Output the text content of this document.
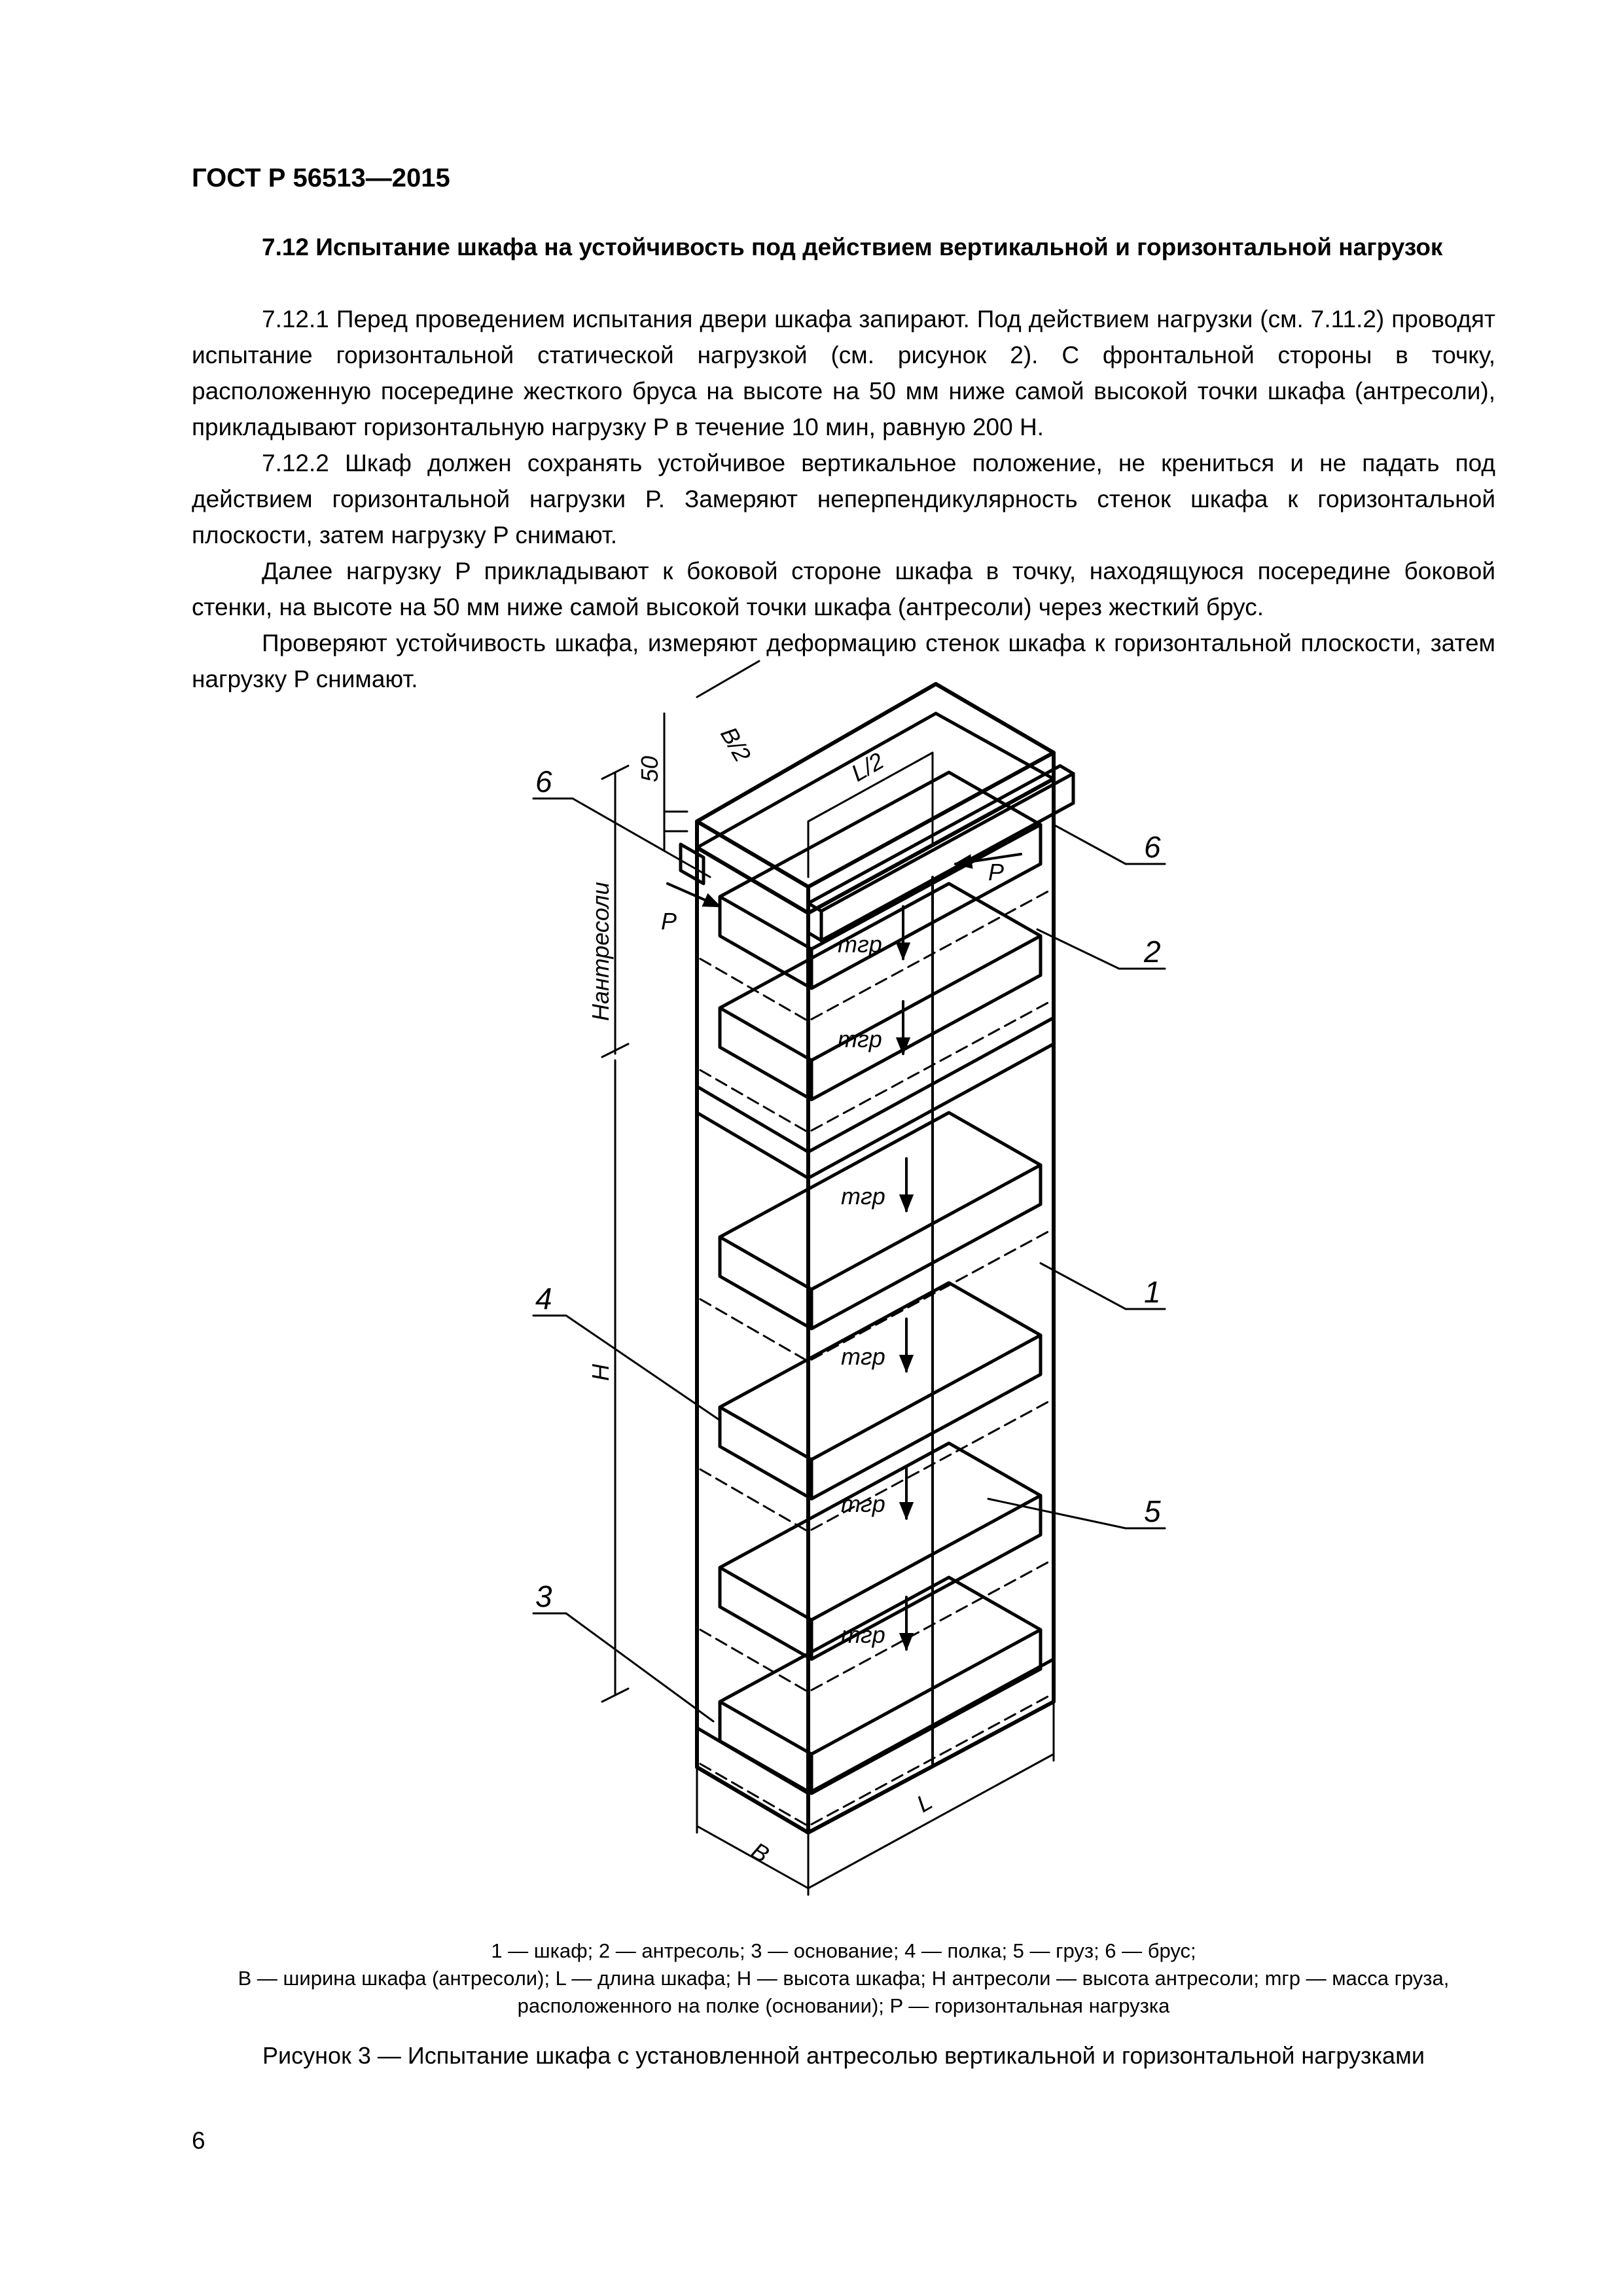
ГОСТ Р 56513—2015
7.12 Испытание шкафа на устойчивость под действием вертикальной и горизонтальной нагрузок

7.12.1 Перед проведением испытания двери шкафа запирают. Под действием нагрузки (см. 7.11.2) проводят испытание горизонтальной статической нагрузкой (см. рисунок 2). С фронтальной стороны в точку, расположенную посередине жесткого бруса на высоте на 50 мм ниже самой высокой точки шкафа (антресоли), прикладывают горизонтальную нагрузку P в течение 10 мин, равную 200 Н.

7.12.2 Шкаф должен сохранять устойчивое вертикальное положение, не крениться и не падать под действием горизонтальной нагрузки P. Замеряют неперпендикулярность стенок шкафа к горизонтальной плоскости, затем нагрузку P снимают.

Далее нагрузку P прикладывают к боковой стороне шкафа в точку, находящуюся посередине боковой стенки, на высоте на 50 мм ниже самой высокой точки шкафа (антресоли) через жесткий брус.

Проверяют устойчивость шкафа, измеряют деформацию стенок шкафа к горизонтальной плоскости, затем нагрузку P снимают.

6
6
2
1
4
5
3
P
P
B/2
L/2
50
Hантресоли
H
B
L
mгр
mгр
mгр
mгр
mгр
mгр
1 — шкаф; 2 — антресоль; 3 — основание; 4 — полка; 5 — груз; 6 — брус;
B — ширина шкафа (антресоли); L — длина шкафа; H — высота шкафа; H антресоли — высота антресоли; mгр — масса груза,
расположенного на полке (основании); P — горизонтальная нагрузка
Рисунок 3 — Испытание шкафа с установленной антресолью вертикальной и горизонтальной нагрузками
6
